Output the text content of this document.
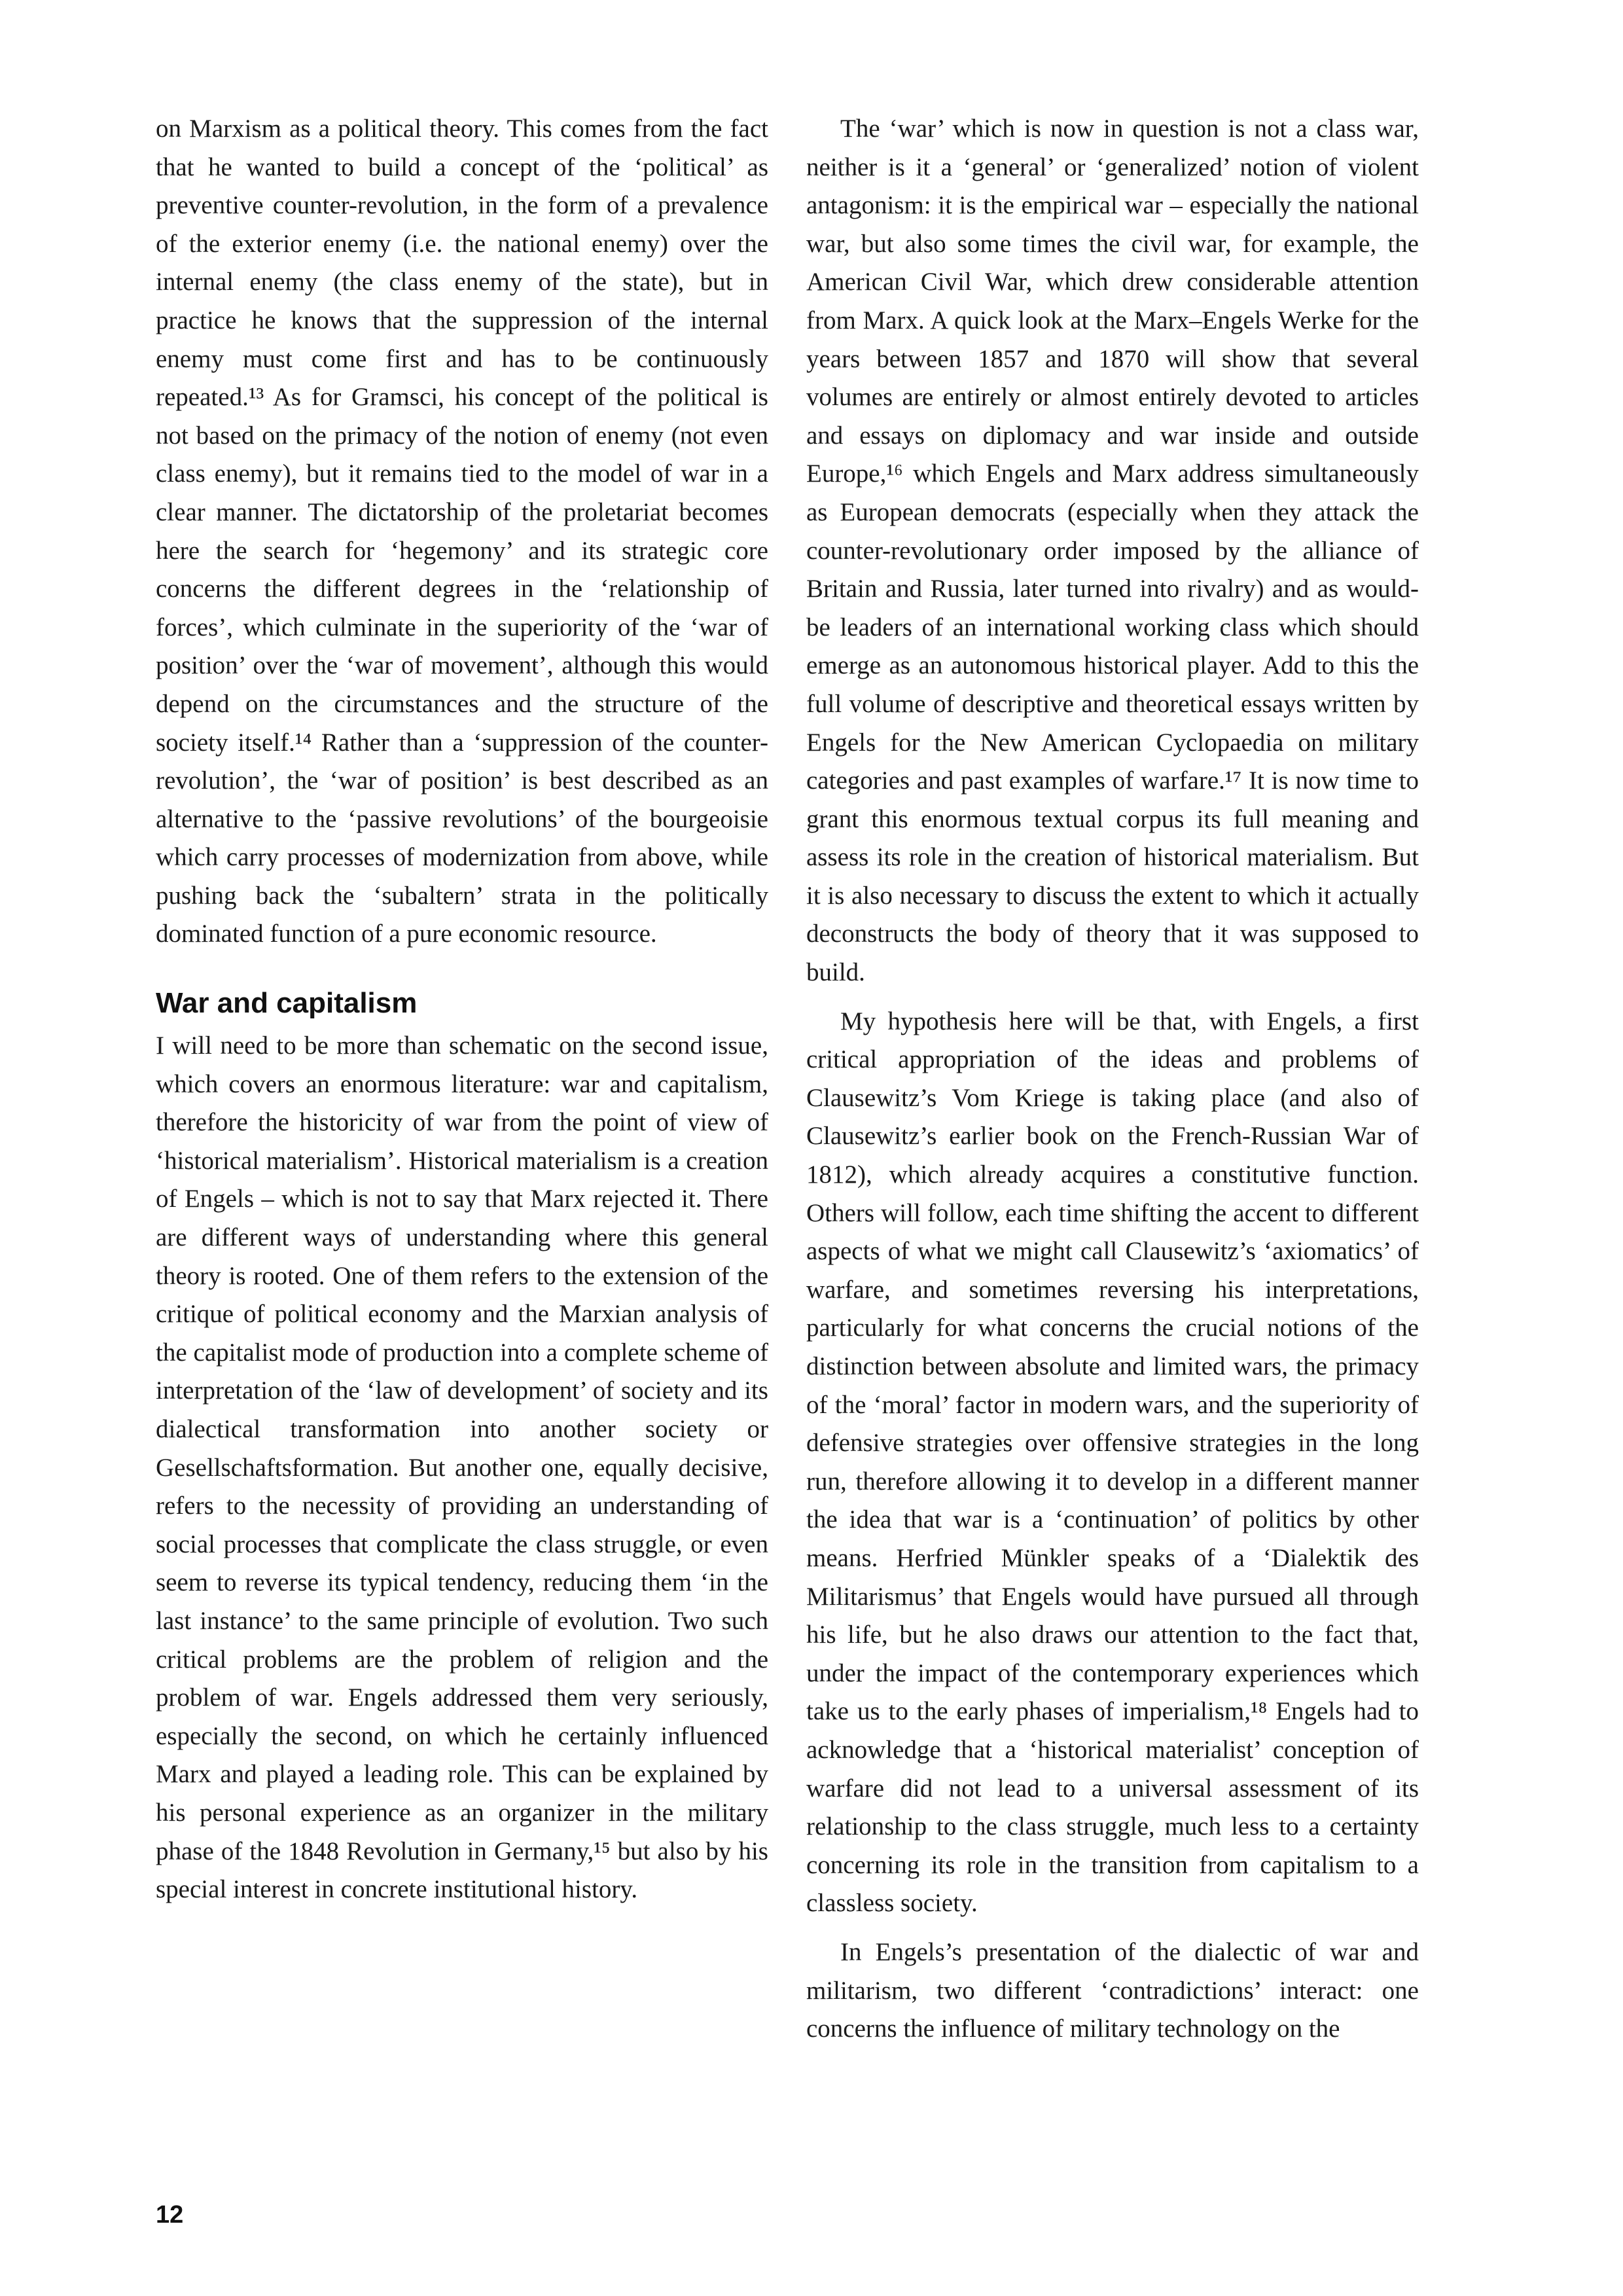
on Marxism as a political theory. This comes from the fact that he wanted to build a concept of the ‘political’ as preventive counter-revolution, in the form of a prevalence of the exterior enemy (i.e. the national enemy) over the internal enemy (the class enemy of the state), but in practice he knows that the suppression of the internal enemy must come first and has to be continuously repeated.¹³ As for Gramsci, his concept of the political is not based on the primacy of the notion of enemy (not even class enemy), but it remains tied to the model of war in a clear manner. The dictatorship of the proletariat becomes here the search for ‘hegemony’ and its strategic core concerns the different degrees in the ‘relationship of forces’, which culminate in the superiority of the ‘war of position’ over the ‘war of movement’, although this would depend on the circumstances and the structure of the society itself.¹⁴ Rather than a ‘suppression of the counter-revolution’, the ‘war of position’ is best described as an alternative to the ‘passive revolutions’ of the bourgeoisie which carry processes of modernization from above, while pushing back the ‘subaltern’ strata in the politically dominated function of a pure economic resource.

War and capitalism

I will need to be more than schematic on the second issue, which covers an enormous literature: war and capitalism, therefore the historicity of war from the point of view of ‘historical materialism’. Historical materialism is a creation of Engels – which is not to say that Marx rejected it. There are different ways of understanding where this general theory is rooted. One of them refers to the extension of the critique of political economy and the Marxian analysis of the capitalist mode of production into a complete scheme of interpretation of the ‘law of development’ of society and its dialectical transformation into another society or Gesellschaftsformation. But another one, equally decisive, refers to the necessity of providing an understanding of social processes that complicate the class struggle, or even seem to reverse its typical tendency, reducing them ‘in the last instance’ to the same principle of evolution. Two such critical problems are the problem of religion and the problem of war. Engels addressed them very seriously, especially the second, on which he certainly influenced Marx and played a leading role. This can be explained by his personal experience as an organizer in the military phase of the 1848 Revolution in Germany,¹⁵ but also by his special interest in concrete institutional history.

The ‘war’ which is now in question is not a class war, neither is it a ‘general’ or ‘generalized’ notion of violent antagonism: it is the empirical war – especially the national war, but also some times the civil war, for example, the American Civil War, which drew considerable attention from Marx. A quick look at the Marx–Engels Werke for the years between 1857 and 1870 will show that several volumes are entirely or almost entirely devoted to articles and essays on diplomacy and war inside and outside Europe,¹⁶ which Engels and Marx address simultaneously as European democrats (especially when they attack the counter-revolutionary order imposed by the alliance of Britain and Russia, later turned into rivalry) and as would-be leaders of an international working class which should emerge as an autonomous historical player. Add to this the full volume of descriptive and theoretical essays written by Engels for the New American Cyclopaedia on military categories and past examples of warfare.¹⁷ It is now time to grant this enormous textual corpus its full meaning and assess its role in the creation of historical materialism. But it is also necessary to discuss the extent to which it actually deconstructs the body of theory that it was supposed to build.

My hypothesis here will be that, with Engels, a first critical appropriation of the ideas and problems of Clausewitz’s Vom Kriege is taking place (and also of Clausewitz’s earlier book on the French-Russian War of 1812), which already acquires a constitutive function. Others will follow, each time shifting the accent to different aspects of what we might call Clausewitz’s ‘axiomatics’ of warfare, and sometimes reversing his interpretations, particularly for what concerns the crucial notions of the distinction between absolute and limited wars, the primacy of the ‘moral’ factor in modern wars, and the superiority of defensive strategies over offensive strategies in the long run, therefore allowing it to develop in a different manner the idea that war is a ‘continuation’ of politics by other means. Herfried Münkler speaks of a ‘Dialektik des Militarismus’ that Engels would have pursued all through his life, but he also draws our attention to the fact that, under the impact of the contemporary experiences which take us to the early phases of imperialism,¹⁸ Engels had to acknowledge that a ‘historical materialist’ conception of warfare did not lead to a universal assessment of its relationship to the class struggle, much less to a certainty concerning its role in the transition from capitalism to a classless society.

In Engels’s presentation of the dialectic of war and militarism, two different ‘contradictions’ interact: one concerns the influence of military technology on the

12
